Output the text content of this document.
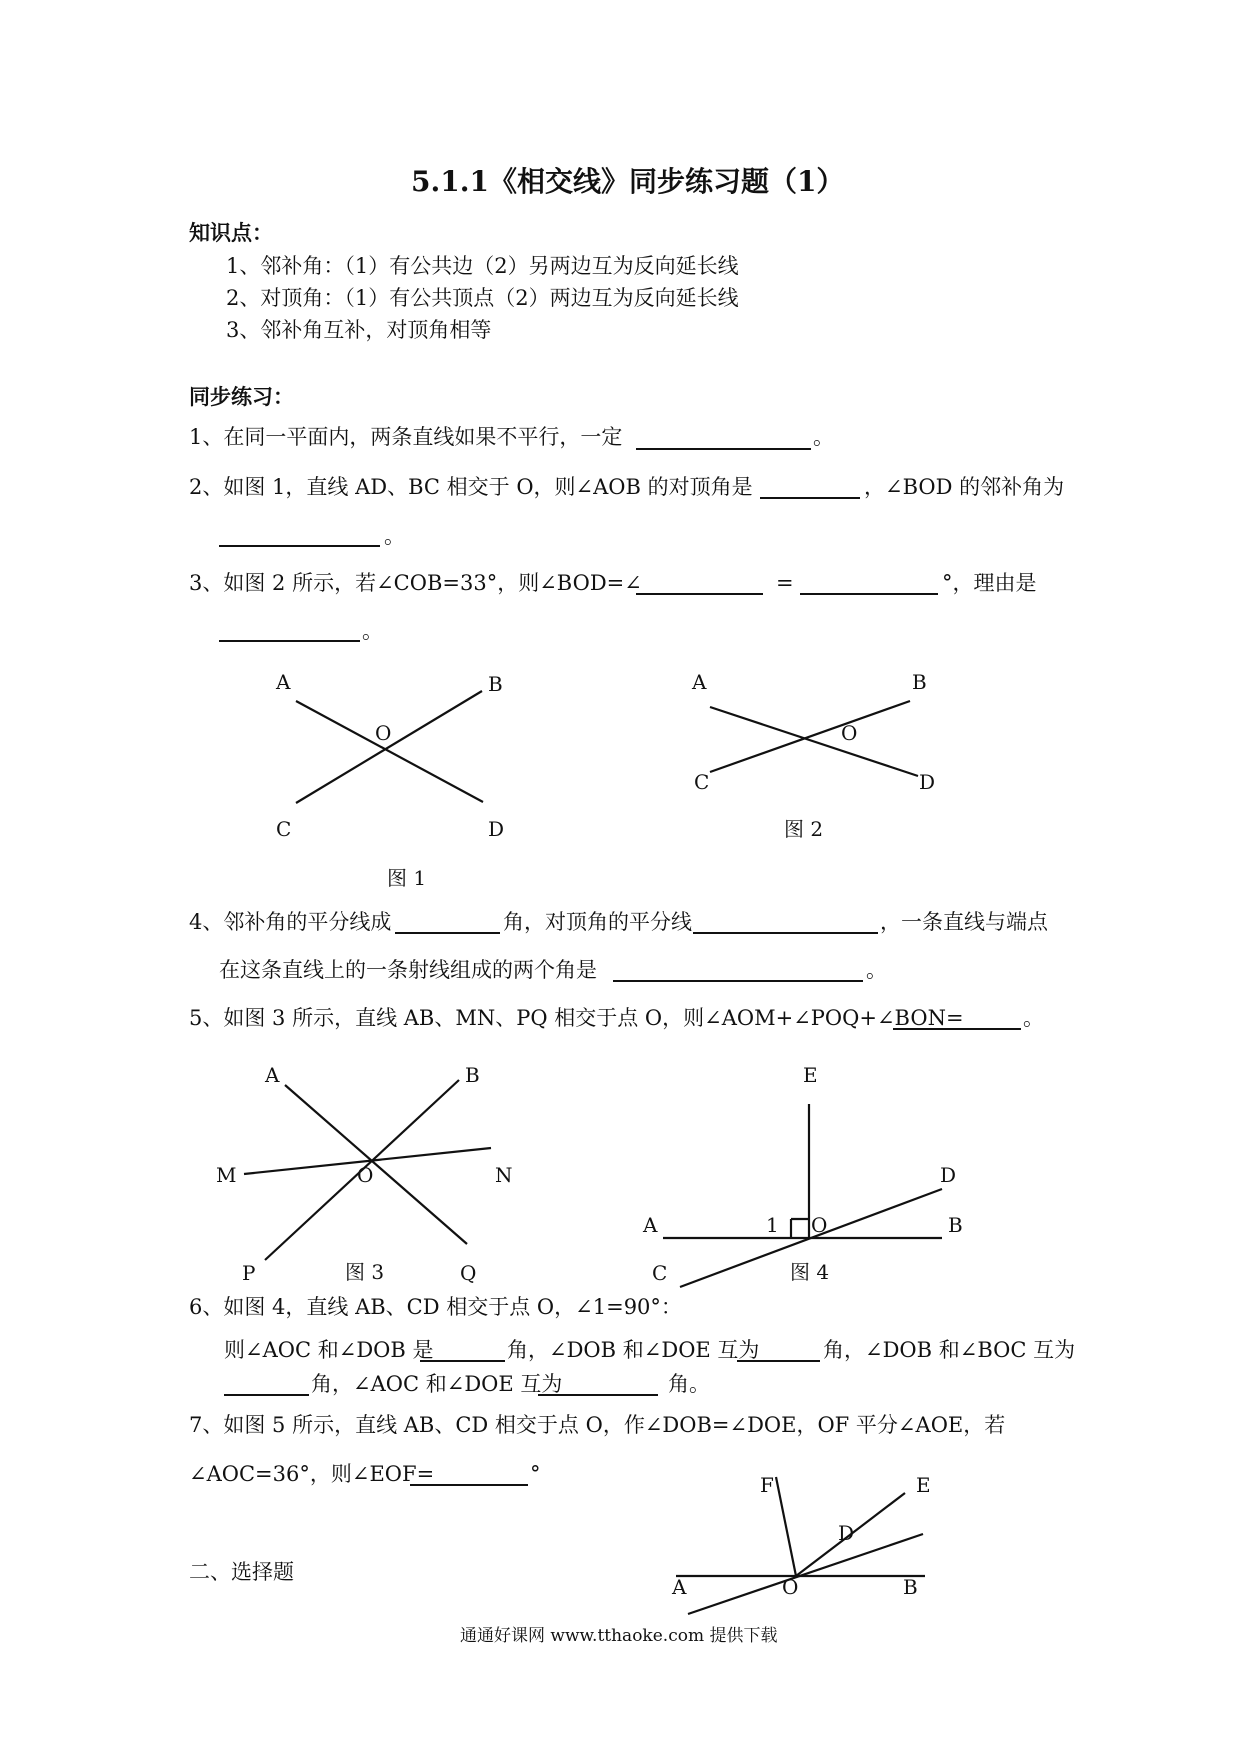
5.1.1《相交线》同步练习题（1）
知识点：
1、邻补角：（1）有公共边（2）另两边互为反向延长线
2、对顶角：（1）有公共顶点（2）两边互为反向延长线
3、邻补角互补，对顶角相等
同步练习：
1、在同一平面内，两条直线如果不平行，一定	。
2、如图 1，直线 AD、BC 相交于 O，则∠AOB 的对顶角是	，∠BOD 的邻补角为
。
3、如图 2 所示，若∠COB=33°，则∠BOD=∠	=	°，理由是
。
4、邻补角的平分线成	角，对顶角的平分线	，一条直线与端点
在这条直线上的一条射线组成的两个角是	。
5、如图 3 所示，直线 AB、MN、PQ 相交于点 O，则∠AOM+∠POQ+∠BON=	。
6、如图 4，直线 AB、CD 相交于点 O，∠1=90°：
则∠AOC 和∠DOB 是	角，∠DOB 和∠DOE 互为	角，∠DOB 和∠BOC 互为
角，∠AOC 和∠DOE 互为	角。
7、如图 5 所示，直线 AB、CD 相交于点 O，作∠DOB=∠DOE，OF 平分∠AOE，若
∠AOC=36°，则∠EOF=	°
二、选择题
通通好课网 www.tthaoke.com 提供下载
A	B
O
C	D
图 1
A	B
O
C	D
图 2
A	B
M	O	N
P	Q
图 3
E
D
A	1 O	B
C	图 4
F	E
D
A	O	B
